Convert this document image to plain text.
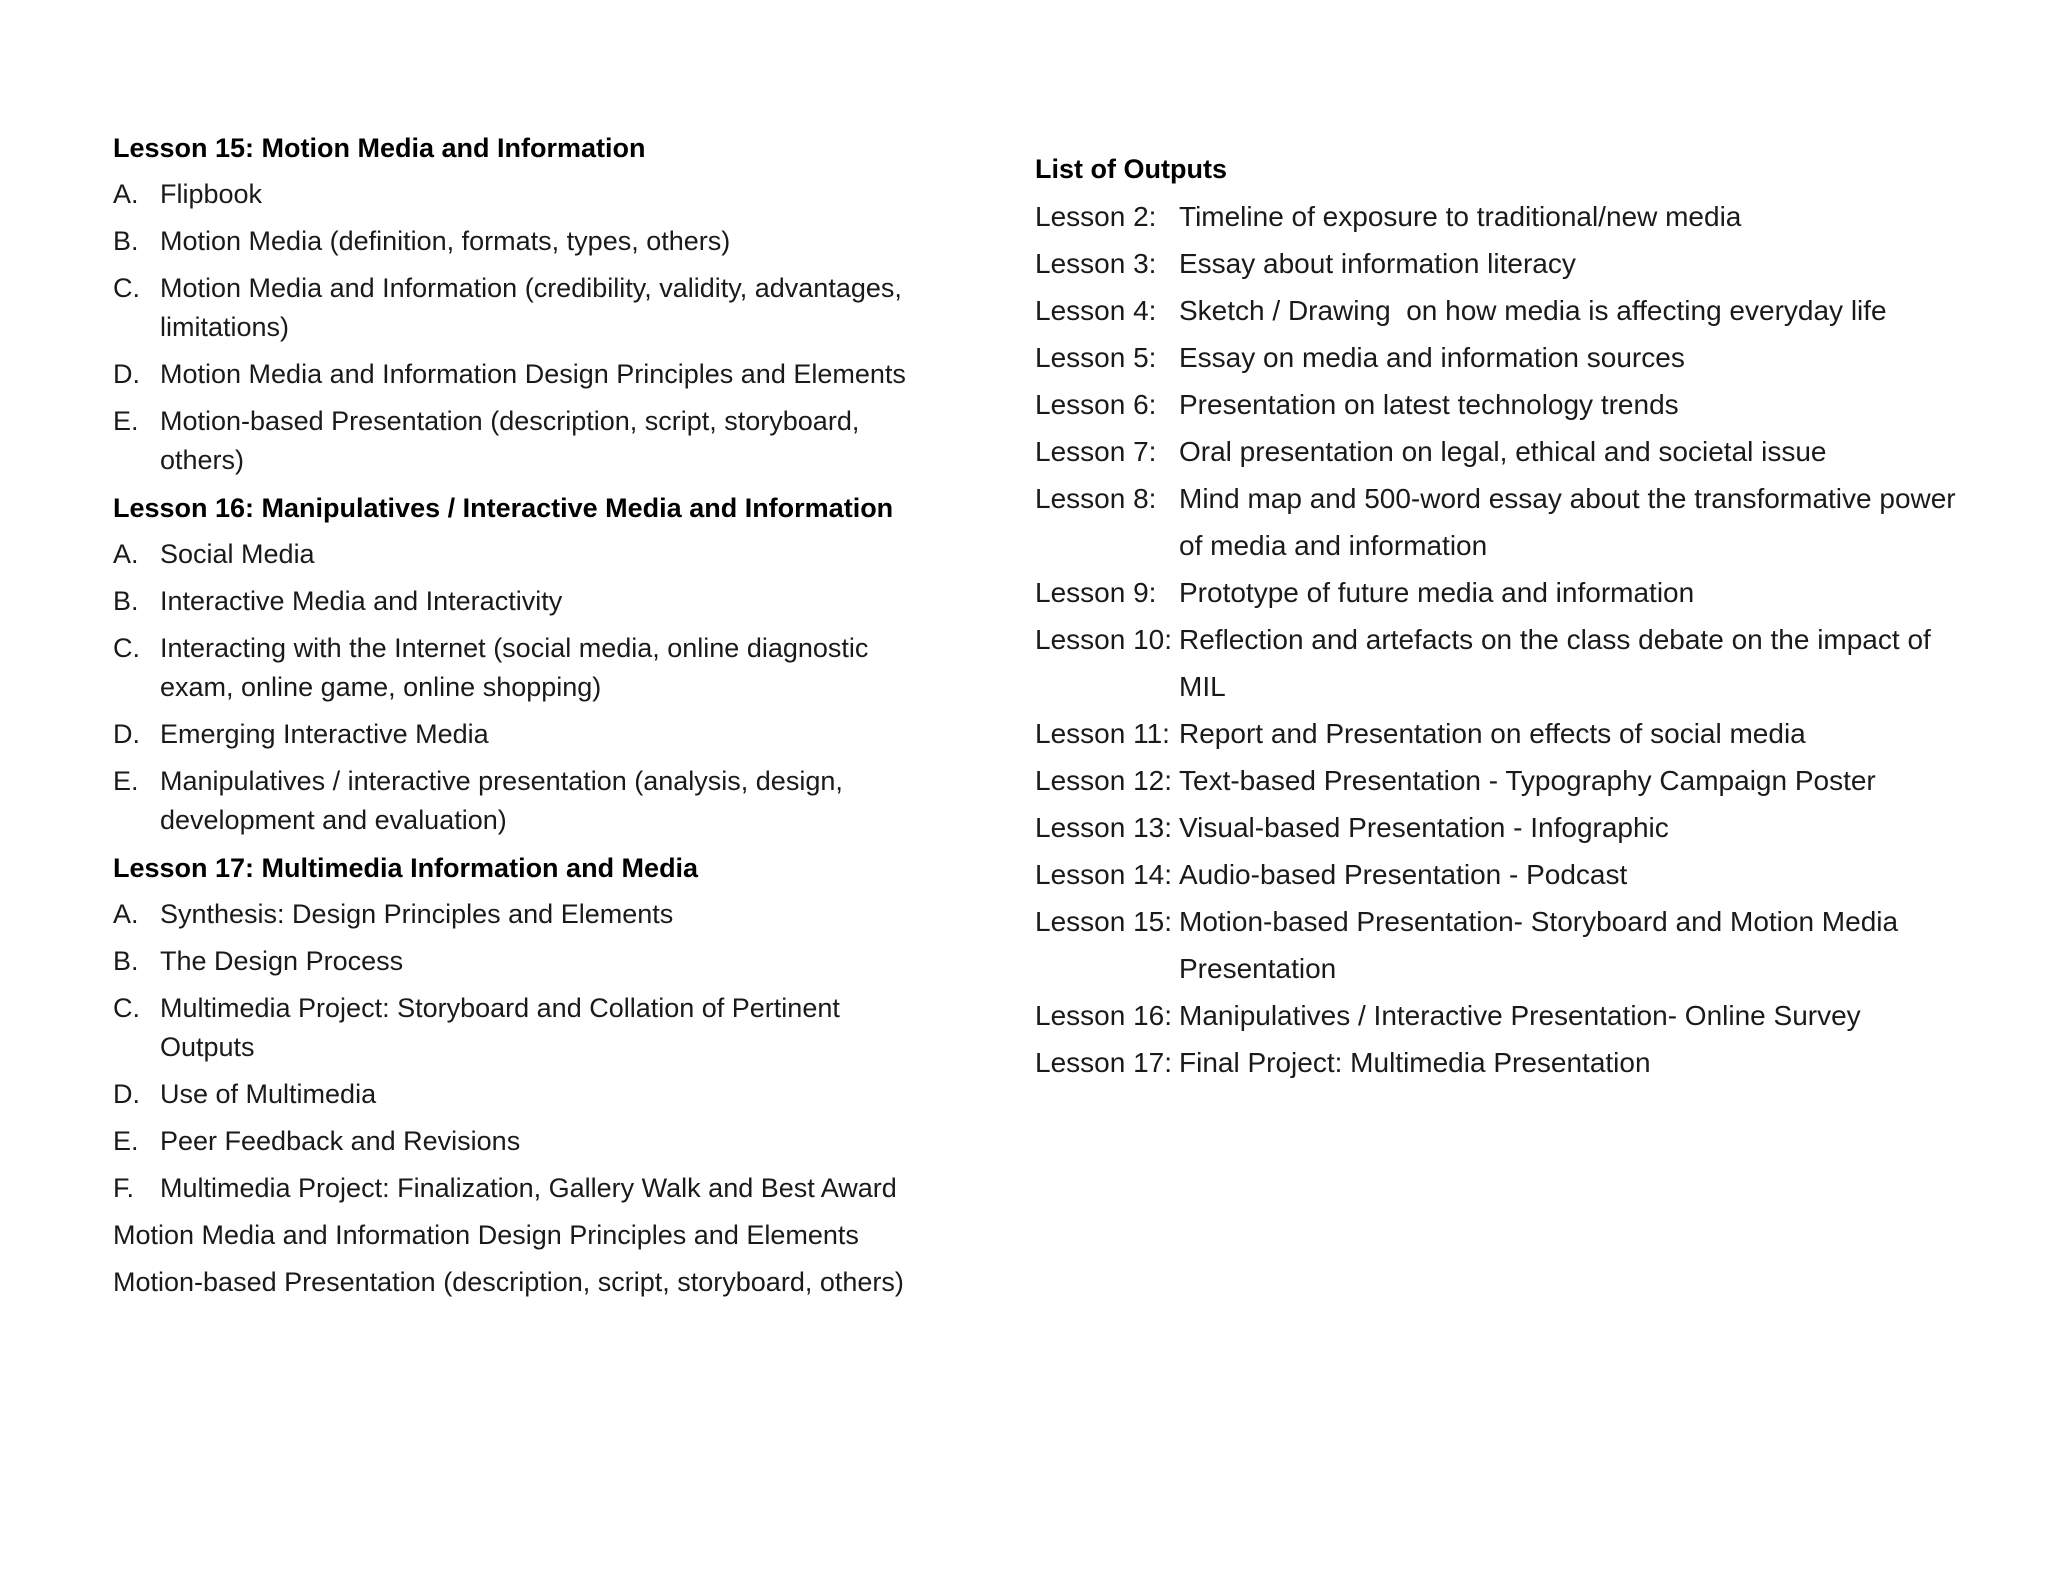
Lesson 15: Motion Media and Information
A. Flipbook
B. Motion Media (definition, formats, types, others)
C. Motion Media and Information (credibility, validity, advantages, limitations)
D. Motion Media and Information Design Principles and Elements
E. Motion-based Presentation (description, script, storyboard, others)
Lesson 16: Manipulatives / Interactive Media and Information
A. Social Media
B. Interactive Media and Interactivity
C. Interacting with the Internet (social media, online diagnostic exam, online game, online shopping)
D. Emerging Interactive Media
E. Manipulatives / interactive presentation (analysis, design, development and evaluation)
Lesson 17: Multimedia Information and Media
A. Synthesis: Design Principles and Elements
B. The Design Process
C. Multimedia Project: Storyboard and Collation of Pertinent Outputs
D. Use of Multimedia
E. Peer Feedback and Revisions
F. Multimedia Project: Finalization, Gallery Walk and Best Award
Motion Media and Information Design Principles and Elements
Motion-based Presentation (description, script, storyboard, others)
List of Outputs
Lesson 2: Timeline of exposure to traditional/new media
Lesson 3: Essay about information literacy
Lesson 4: Sketch / Drawing  on how media is affecting everyday life
Lesson 5: Essay on media and information sources
Lesson 6: Presentation on latest technology trends
Lesson 7: Oral presentation on legal, ethical and societal issue
Lesson 8: Mind map and 500-word essay about the transformative power of media and information
Lesson 9: Prototype of future media and information
Lesson 10: Reflection and artefacts on the class debate on the impact of MIL
Lesson 11: Report and Presentation on effects of social media
Lesson 12: Text-based Presentation - Typography Campaign Poster
Lesson 13: Visual-based Presentation - Infographic
Lesson 14: Audio-based Presentation - Podcast
Lesson 15: Motion-based Presentation- Storyboard and Motion Media Presentation
Lesson 16: Manipulatives / Interactive Presentation- Online Survey
Lesson 17: Final Project: Multimedia Presentation
